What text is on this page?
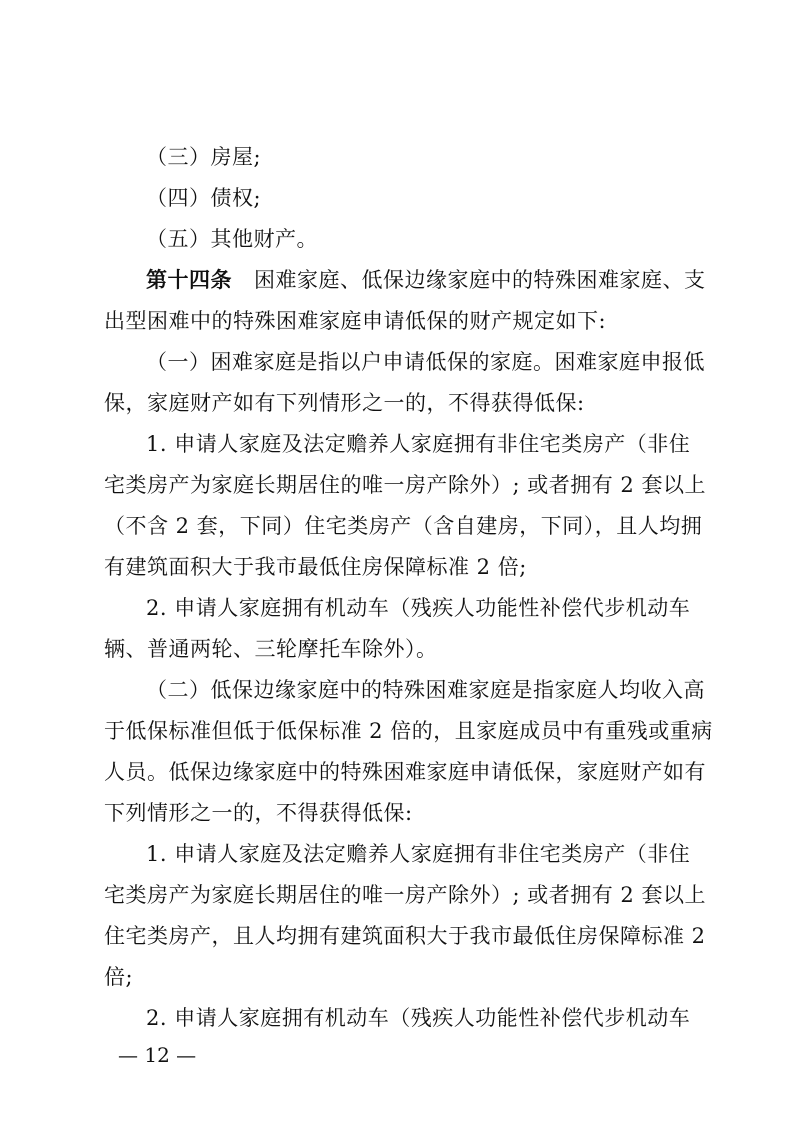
（三）房屋;
（四）债权;
（五）其他财产。
第十四条 困难家庭、低保边缘家庭中的特殊困难家庭、支
出型困难中的特殊困难家庭申请低保的财产规定如下:
（一）困难家庭是指以户申请低保的家庭。困难家庭申报低
保，家庭财产如有下列情形之一的，不得获得低保:
1. 申请人家庭及法定赡养人家庭拥有非住宅类房产（非住
宅类房产为家庭长期居住的唯一房产除外）; 或者拥有 2 套以上
（不含 2 套，下同）住宅类房产（含自建房，下同），且人均拥
有建筑面积大于我市最低住房保障标准 2 倍;
2. 申请人家庭拥有机动车（残疾人功能性补偿代步机动车
辆、普通两轮、三轮摩托车除外）。
（二）低保边缘家庭中的特殊困难家庭是指家庭人均收入高
于低保标准但低于低保标准 2 倍的，且家庭成员中有重残或重病
人员。低保边缘家庭中的特殊困难家庭申请低保，家庭财产如有
下列情形之一的，不得获得低保:
1. 申请人家庭及法定赡养人家庭拥有非住宅类房产（非住
宅类房产为家庭长期居住的唯一房产除外）; 或者拥有 2 套以上
住宅类房产，且人均拥有建筑面积大于我市最低住房保障标准 2
倍;
2. 申请人家庭拥有机动车（残疾人功能性补偿代步机动车
— 12 —
